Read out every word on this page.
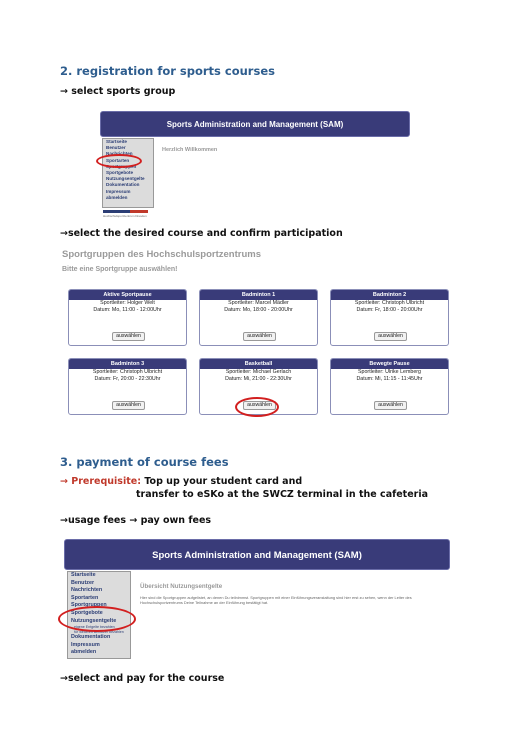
2. registration for sports courses
→ select sports group
Sports Administration and Management (SAM)
Startseite
Benutzer
Nachrichten
Sportarten
Sportgruppen
Sportgebote
Nutzungsentgelte
Dokumentation
Impressum
abmelden
Herzlich Willkommen
Hochschulsportzentrum Dresden
→select the desired course and confirm participation
Sportgruppen des Hochschulsportzentrums
Bitte eine Sportgruppe auswählen!
Aktive Sportpause
Sportleiter: Holger Welt
Datum: Mo, 11:00 - 12:00Uhr
auswählen
Badminton 1
Sportleiter: Marcel Mädler
Datum: Mo, 18:00 - 20:00Uhr
auswählen
Badminton 2
Sportleiter: Christoph Ulbricht
Datum: Fr, 18:00 - 20:00Uhr
auswählen
Badminton 3
Sportleiter: Christoph Ulbricht
Datum: Fr, 20:00 - 22:30Uhr
auswählen
Basketball
Sportleiter: Michael Gerlach
Datum: Mi, 21:00 - 22:30Uhr
auswählen
Bewegte Pause
Sportleiter: Ulrike Lemberg
Datum: Mi, 11:15 - 11:45Uhr
auswählen
3. payment of course fees
→ Prerequisite: Top up your student card and
transfer to eSKo at the SWCZ terminal in the cafeteria
→usage fees → pay own fees
Sports Administration and Management (SAM)
Startseite
Benutzer
Nachrichten
Sportarten
Sportgruppen
Sportgebote
Nutzungsentgelte
eigene Entgelte bezahlen
für weiteren Benutzer bezahlen
Dokumentation
Impressum
abmelden
Übersicht Nutzungsentgelte
Hier sind die Sportgruppen aufgelistet, an denen Du teilnimmst. Sportgruppen mit einer Einführungsveranstaltung sind hier erst zu sehen, wenn der Leiter des Hochschulsportzentrums Deine Teilnahme an der Einführung bestätigt hat.
→select and pay for the course
